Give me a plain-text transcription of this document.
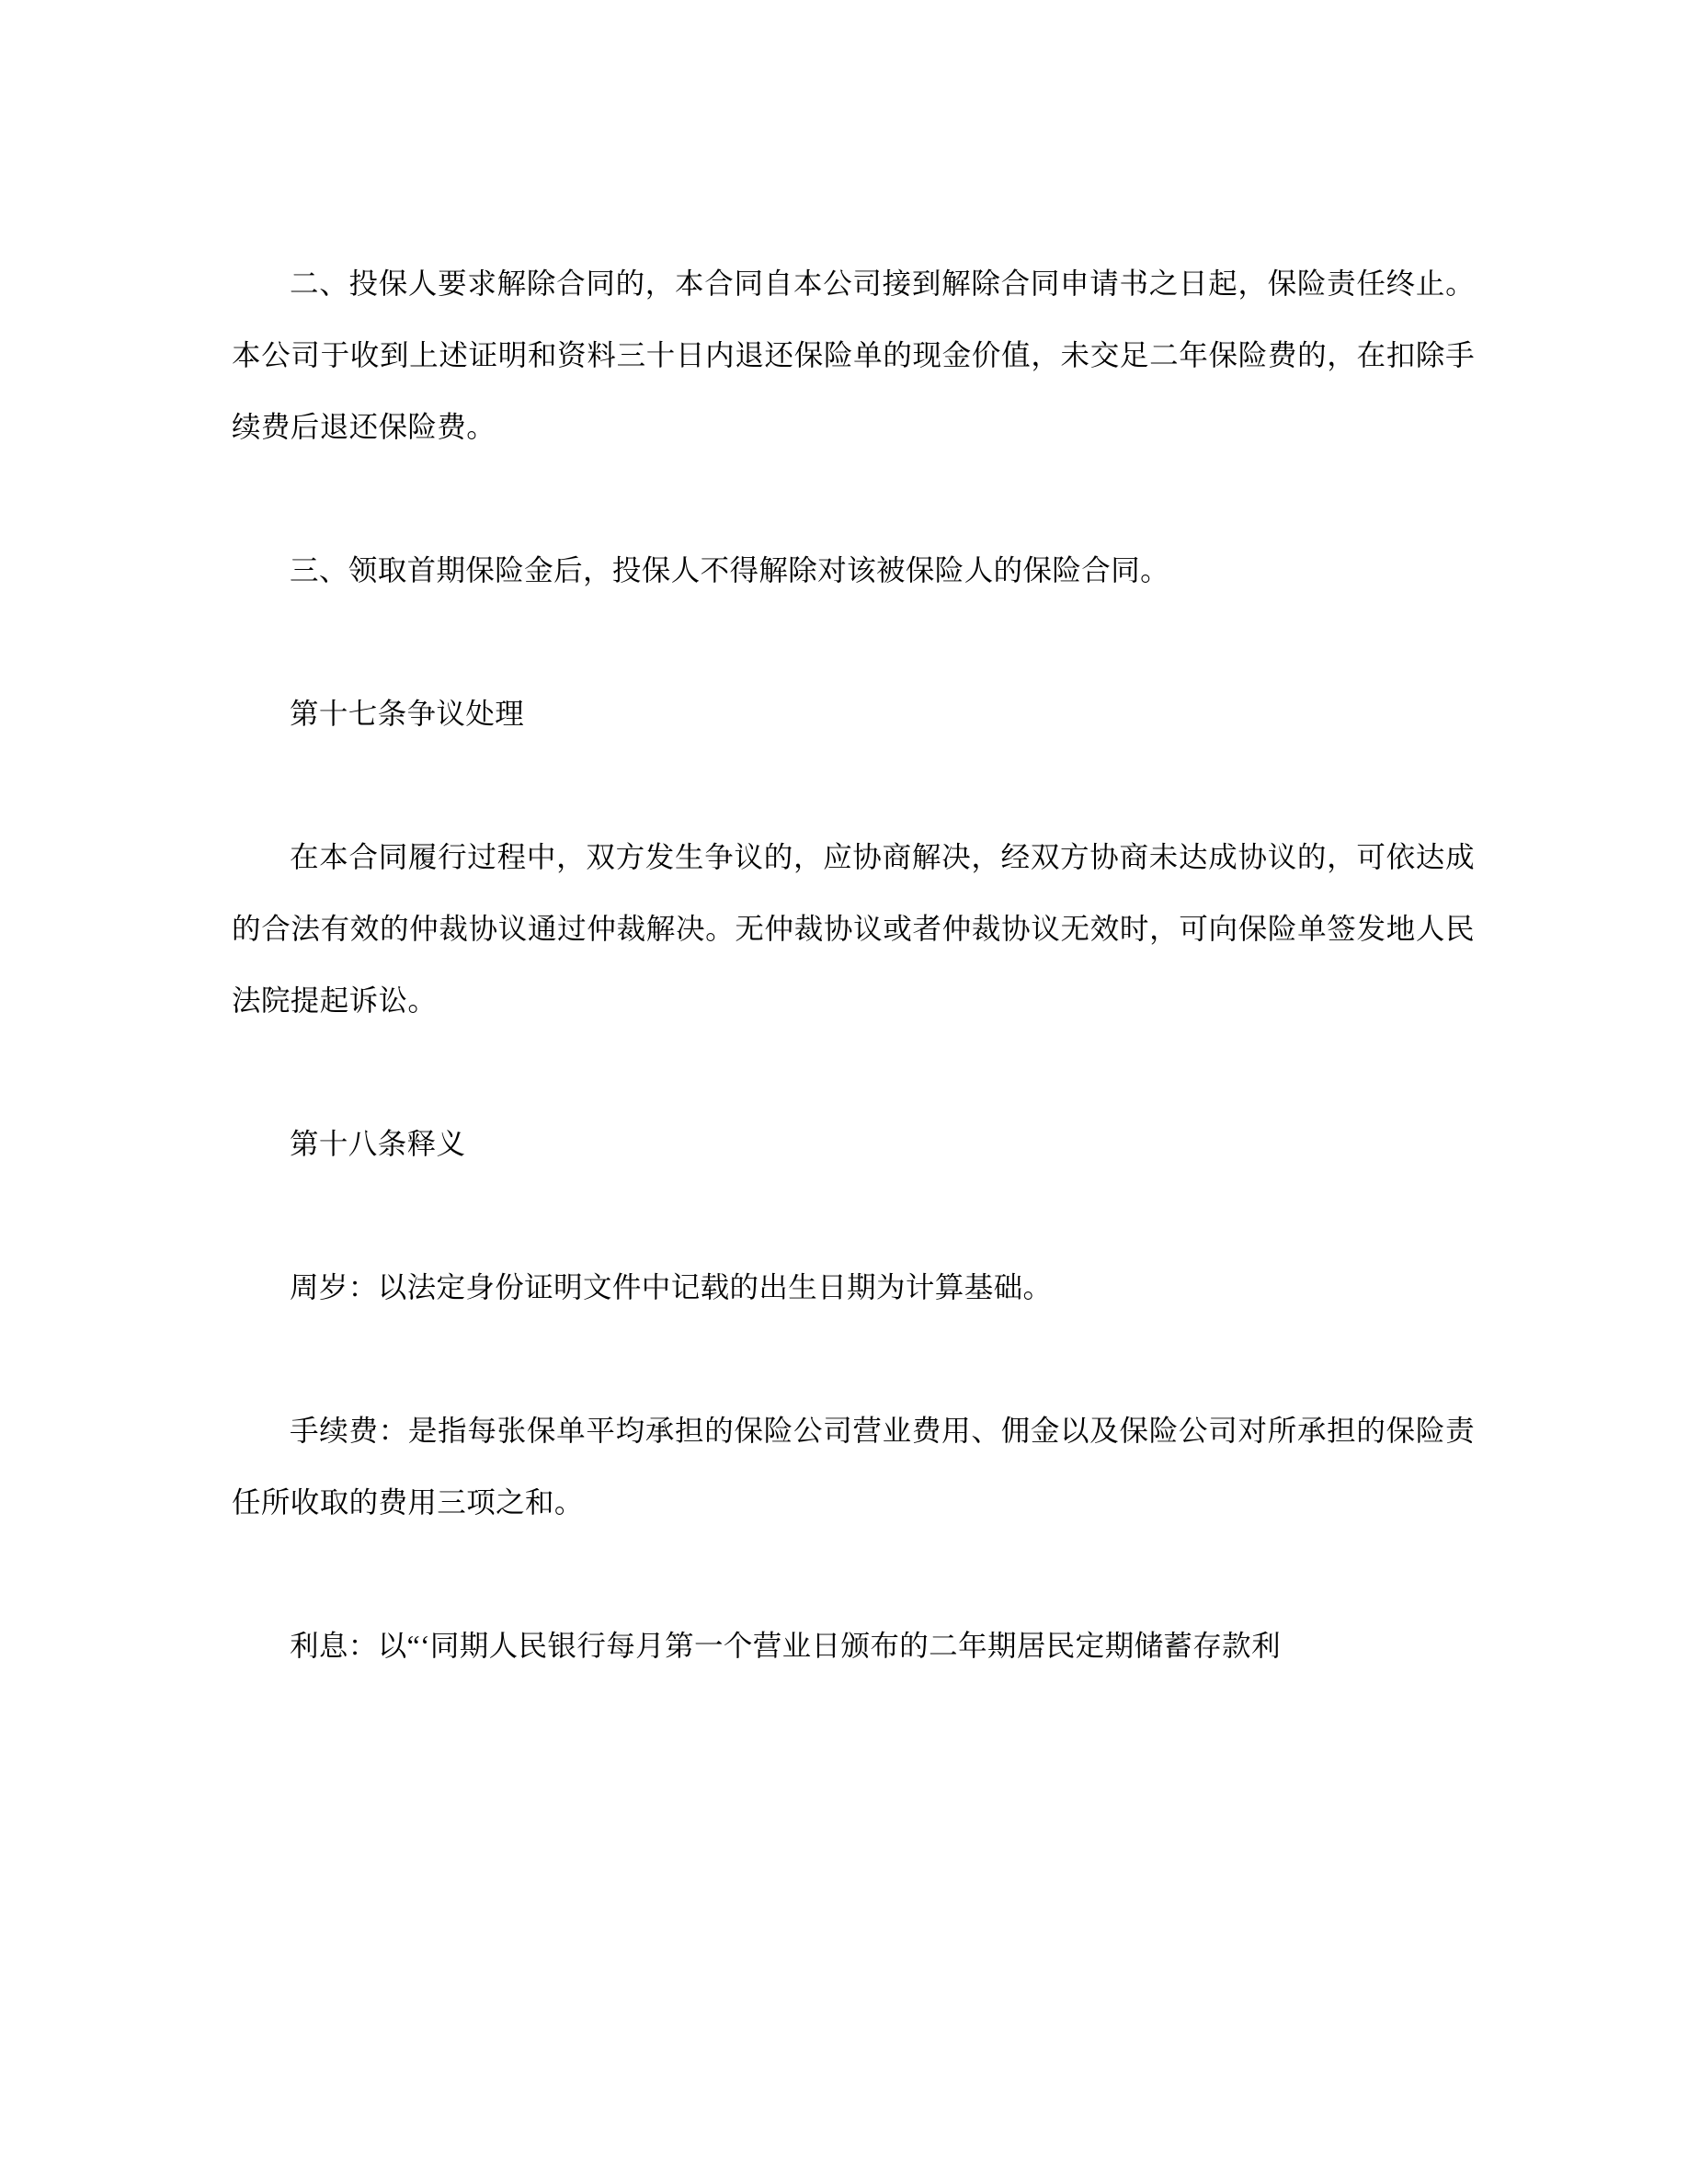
二、投保人要求解除合同的，本合同自本公司接到解除合同申请书之日起，保险责任终止。本公司于收到上述证明和资料三十日内退还保险单的现金价值，未交足二年保险费的，在扣除手续费后退还保险费。

三、领取首期保险金后，投保人不得解除对该被保险人的保险合同。

第十七条争议处理

在本合同履行过程中，双方发生争议的，应协商解决，经双方协商未达成协议的，可依达成的合法有效的仲裁协议通过仲裁解决。无仲裁协议或者仲裁协议无效时，可向保险单签发地人民法院提起诉讼。

第十八条释义

周岁：以法定身份证明文件中记载的出生日期为计算基础。

手续费：是指每张保单平均承担的保险公司营业费用、佣金以及保险公司对所承担的保险责任所收取的费用三项之和。

利息：以“‘同期人民银行每月第一个营业日颁布的二年期居民定期储蓄存款利
